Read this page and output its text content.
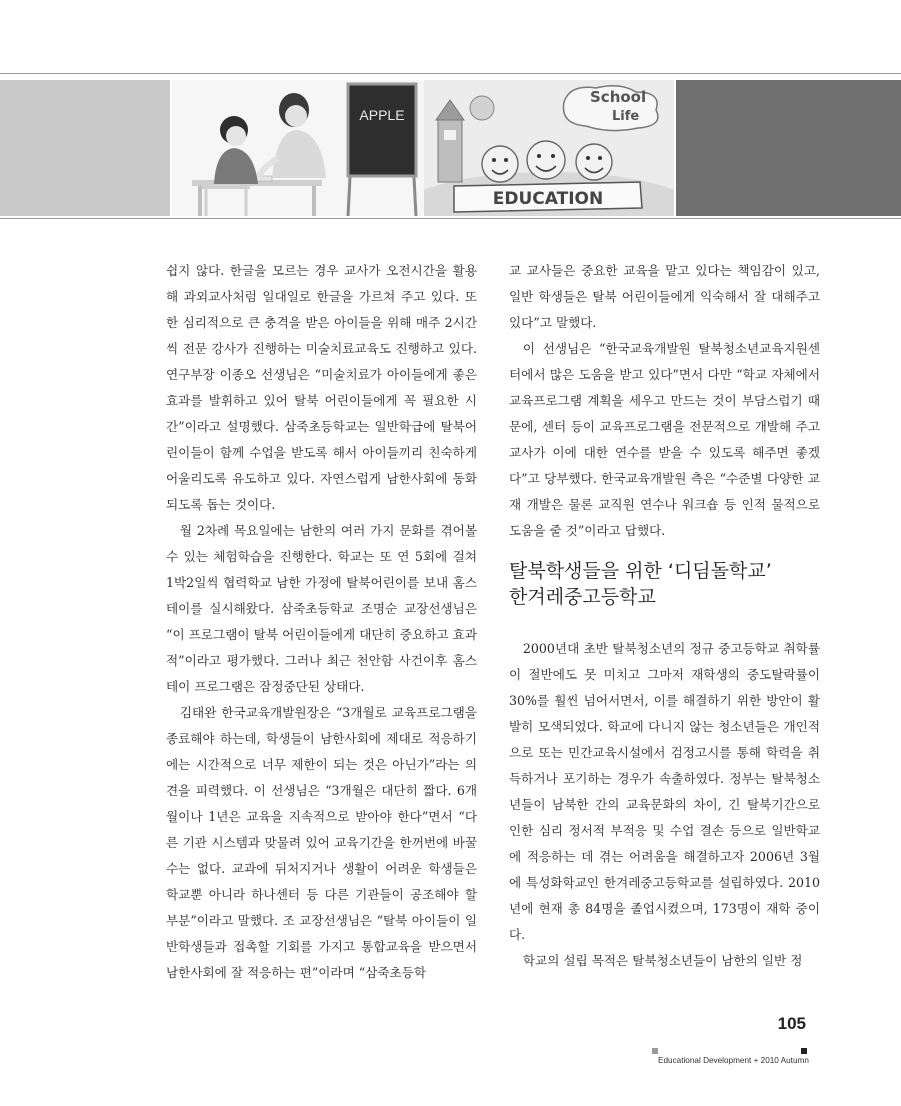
APPLE
School
Life
EDUCATION

쉽지 않다. 한글을 모르는 경우 교사가 오전시간을 활용해 과외교사처럼 일대일로 한글을 가르쳐 주고 있다. 또 한 심리적으로 큰 충격을 받은 아이들을 위해 매주 2시간씩 전문 강사가 진행하는 미술치료교육도 진행하고 있다. 연구부장 이종오 선생님은 “미술치료가 아이들에게 좋은 효과를 발휘하고 있어 탈북 어린이들에게 꼭 필요한 시간”이라고 설명했다. 삼죽초등학교는 일반학급에 탈북어린이들이 함께 수업을 받도록 해서 아이들끼리 친숙하게 어울리도록 유도하고 있다. 자연스럽게 남한사회에 동화되도록 돕는 것이다.

월 2차례 목요일에는 남한의 여러 가지 문화를 겪어볼 수 있는 체험학습을 진행한다. 학교는 또 연 5회에 걸쳐 1박2일씩 협력학교 남한 가정에 탈북어린이를 보내 홈스테이를 실시해왔다. 삼죽초등학교 조명순 교장선생님은 “이 프로그램이 탈북 어린이들에게 대단히 중요하고 효과적”이라고 평가했다. 그러나 최근 천안함 사건이후 홈스테이 프로그램은 잠정중단된 상태다.

김태완 한국교육개발원장은 “3개월로 교육프로그램을 종료해야 하는데, 학생들이 남한사회에 제대로 적응하기에는 시간적으로 너무 제한이 되는 것은 아닌가”라는 의견을 피력했다. 이 선생님은 “3개월은 대단히 짧다. 6개월이나 1년은 교육을 지속적으로 받아야 한다”면서 “다른 기관 시스템과 맞물려 있어 교육기간을 한꺼번에 바꿀 수는 없다. 교과에 뒤처지거나 생활이 어려운 학생들은 학교뿐 아니라 하나센터 등 다른 기관들이 공조해야 할 부분”이라고 말했다. 조 교장선생님은 “탈북 아이들이 일반학생들과 접촉할 기회를 가지고 통합교육을 받으면서 남한사회에 잘 적응하는 편”이라며 “삼죽초등학

교 교사들은 중요한 교육을 맡고 있다는 책임감이 있고, 일반 학생들은 탈북 어린이들에게 익숙해서 잘 대해주고 있다”고 말했다.

이 선생님은 “한국교육개발원 탈북청소년교육지원센터에서 많은 도움을 받고 있다”면서 다만 “학교 자체에서 교육프로그램 계획을 세우고 만드는 것이 부담스럽기 때문에, 센터 등이 교육프로그램을 전문적으로 개발해 주고 교사가 이에 대한 연수를 받을 수 있도록 해주면 좋겠다”고 당부했다. 한국교육개발원 측은 “수준별 다양한 교재 개발은 물론 교직원 연수나 워크숍 등 인적 물적으로 도움을 줄 것”이라고 답했다.

탈북학생들을 위한 ‘디딤돌학교’
한겨레중고등학교

2000년대 초반 탈북청소년의 정규 중고등학교 취학률이 절반에도 못 미치고 그마저 재학생의 중도탈락률이 30%를 훨씬 넘어서면서, 이를 해결하기 위한 방안이 활발히 모색되었다. 학교에 다니지 않는 청소년들은 개인적으로 또는 민간교육시설에서 검정고시를 통해 학력을 취득하거나 포기하는 경우가 속출하였다. 정부는 탈북청소년들이 남북한 간의 교육문화의 차이, 긴 탈북기간으로 인한 심리 정서적 부적응 및 수업 결손 등으로 일반학교에 적응하는 데 겪는 어려움을 해결하고자 2006년 3월에 특성화학교인 한겨레중고등학교를 설립하였다. 2010년에 현재 총 84명을 졸업시켰으며, 173명이 재학 중이다.

학교의 설립 목적은 탈북청소년들이 남한의 일반 정

105
Educational Development + 2010 Autumn
